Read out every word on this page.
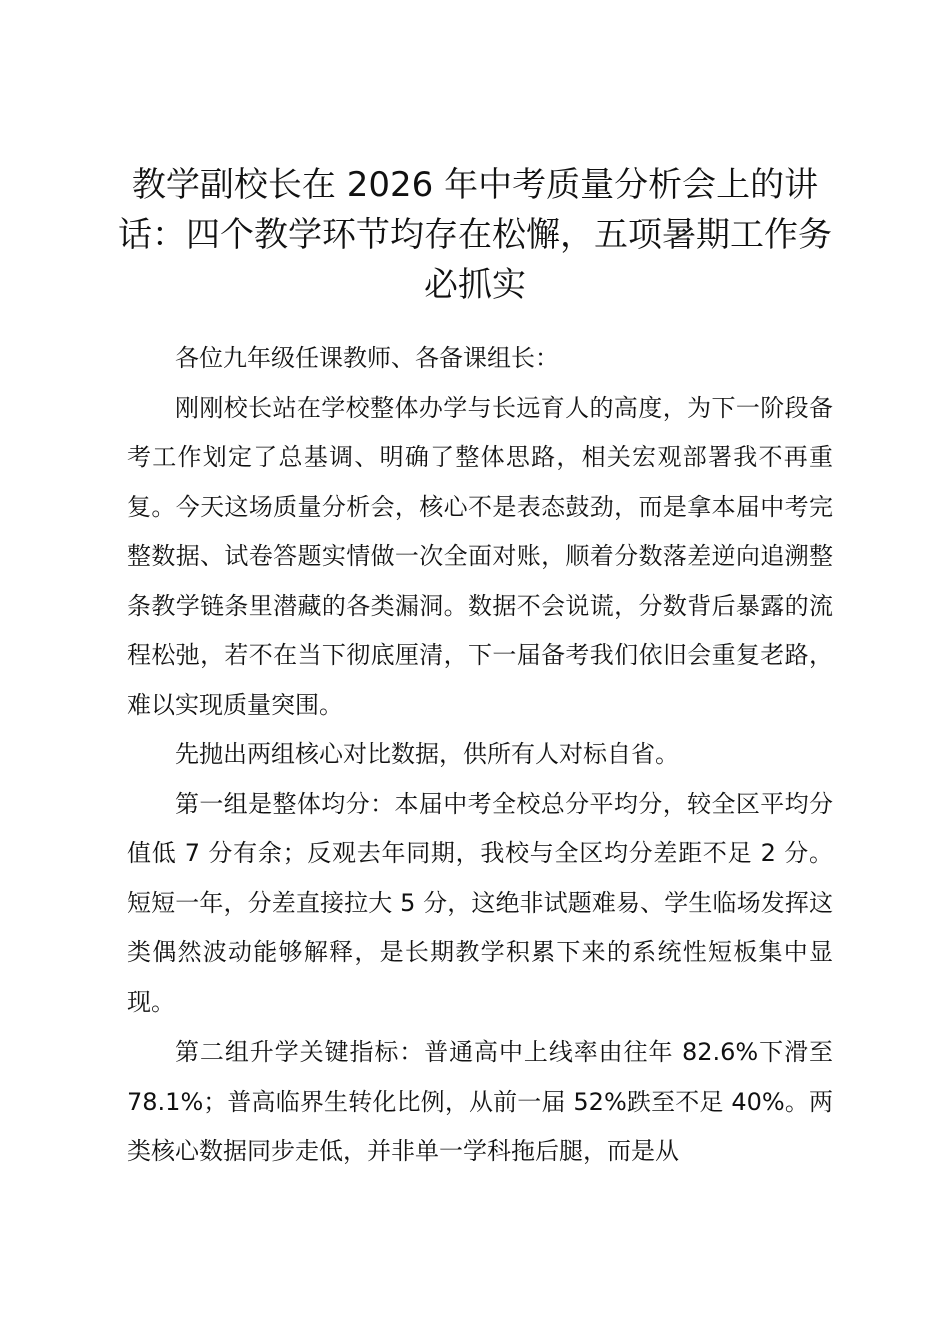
教学副校长在 2026 年中考质量分析会上的讲话：四个教学环节均存在松懈，五项暑期工作务必抓实

各位九年级任课教师、各备课组长：

刚刚校长站在学校整体办学与长远育人的高度，为下一阶段备考工作划定了总基调、明确了整体思路，相关宏观部署我不再重复。今天这场质量分析会，核心不是表态鼓劲，而是拿本届中考完整数据、试卷答题实情做一次全面对账，顺着分数落差逆向追溯整条教学链条里潜藏的各类漏洞。数据不会说谎，分数背后暴露的流程松弛，若不在当下彻底厘清，下一届备考我们依旧会重复老路，难以实现质量突围。

先抛出两组核心对比数据，供所有人对标自省。

第一组是整体均分：本届中考全校总分平均分，较全区平均分值低 7 分有余；反观去年同期，我校与全区均分差距不足 2 分。短短一年，分差直接拉大 5 分，这绝非试题难易、学生临场发挥这类偶然波动能够解释，是长期教学积累下来的系统性短板集中显现。

第二组升学关键指标：普通高中上线率由往年 82.6%下滑至 78.1%；普高临界生转化比例，从前一届 52%跌至不足 40%。两类核心数据同步走低，并非单一学科拖后腿，而是从
